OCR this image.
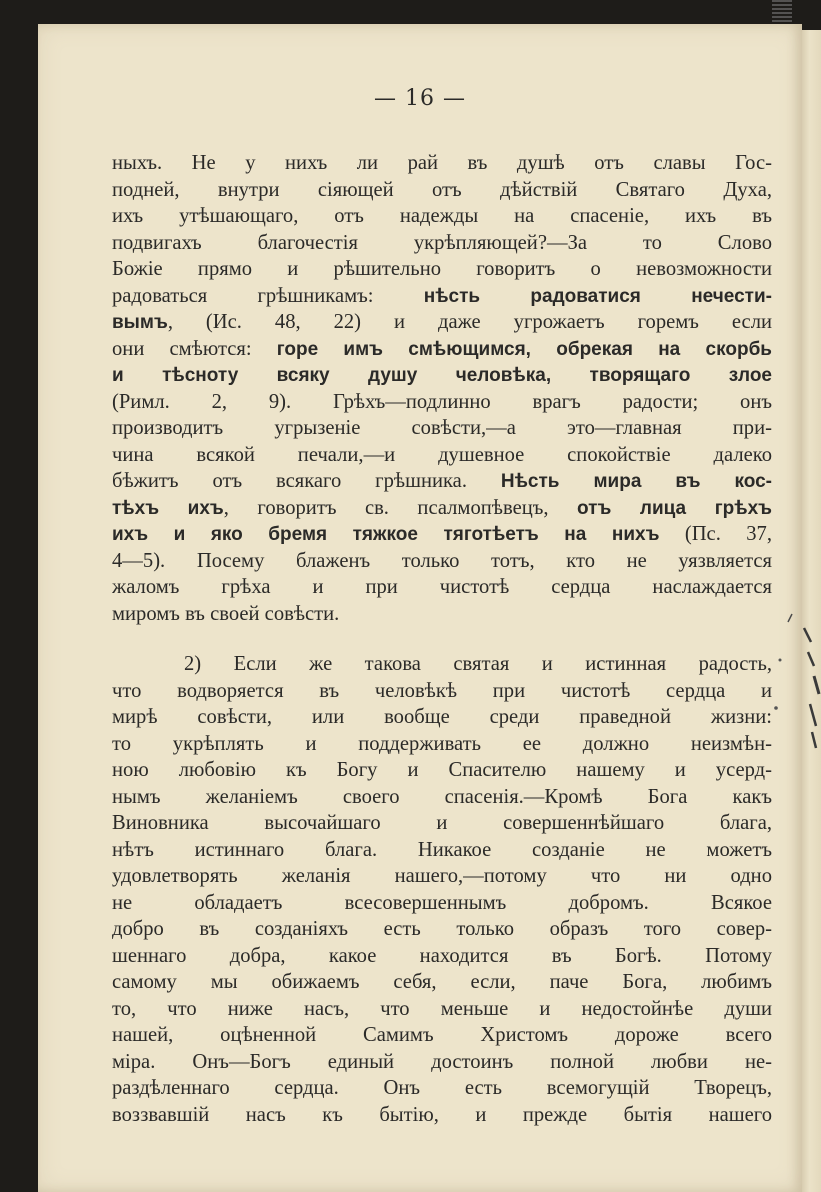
— 16 —

ныхъ. Не у нихъ ли рай въ душѣ отъ славы Гос-
подней, внутри сіяющей отъ дѣйствій Святаго Духа,
ихъ утѣшающаго, отъ надежды на спасеніе, ихъ въ
подвигахъ благочестія укрѣпляющей?—За то Слово
Божіе прямо и рѣшительно говоритъ о невозможности
радоваться грѣшникамъ: нѣсть радоватися нечести-
вымъ, (Ис. 48, 22) и даже угрожаетъ горемъ если
они смѣются: горе имъ смѣющимся, обрекая на скорбь
и тѣсноту всяку душу человѣка, творящаго злое
(Римл. 2, 9). Грѣхъ—подлинно врагъ радости; онъ
производитъ угрызеніе совѣсти,—а это—главная при-
чина всякой печали,—и душевное спокойствіе далеко
бѣжитъ отъ всякаго грѣшника. Нѣсть мира въ кос-
тѣхъ ихъ, говоритъ св. псалмопѣвецъ, отъ лица грѣхъ
ихъ и яко бремя тяжкое тяготѣетъ на нихъ (Пс. 37,
4—5). Посему блаженъ только тотъ, кто не уязвляется
жаломъ грѣха и при чистотѣ сердца наслаждается
миромъ въ своей совѣсти.

2) Если же такова святая и истинная радость,
что водворяется въ человѣкѣ при чистотѣ сердца и
мирѣ совѣсти, или вообще среди праведной жизни:
то укрѣплять и поддерживать ее должно неизмѣн-
ною любовію къ Богу и Спасителю нашему и усерд-
нымъ желаніемъ своего спасенія.—Кромѣ Бога какъ
Виновника высочайшаго и совершеннѣйшаго блага,
нѣтъ истиннаго блага. Никакое созданіе не можетъ
удовлетворять желанія нашего,—потому что ни одно
не обладаетъ всесовершеннымъ добромъ. Всякое
добро въ созданіяхъ есть только образъ того совер-
шеннаго добра, какое находится въ Богѣ. Потому
самому мы обижаемъ себя, если, паче Бога, любимъ
то, что ниже насъ, что меньше и недостойнѣе души
нашей, оцѣненной Самимъ Христомъ дороже всего
міра. Онъ—Богъ единый достоинъ полной любви не-
раздѣленнаго сердца. Онъ есть всемогущій Творецъ,
воззвавшій насъ къ бытію, и прежде бытія нашего
